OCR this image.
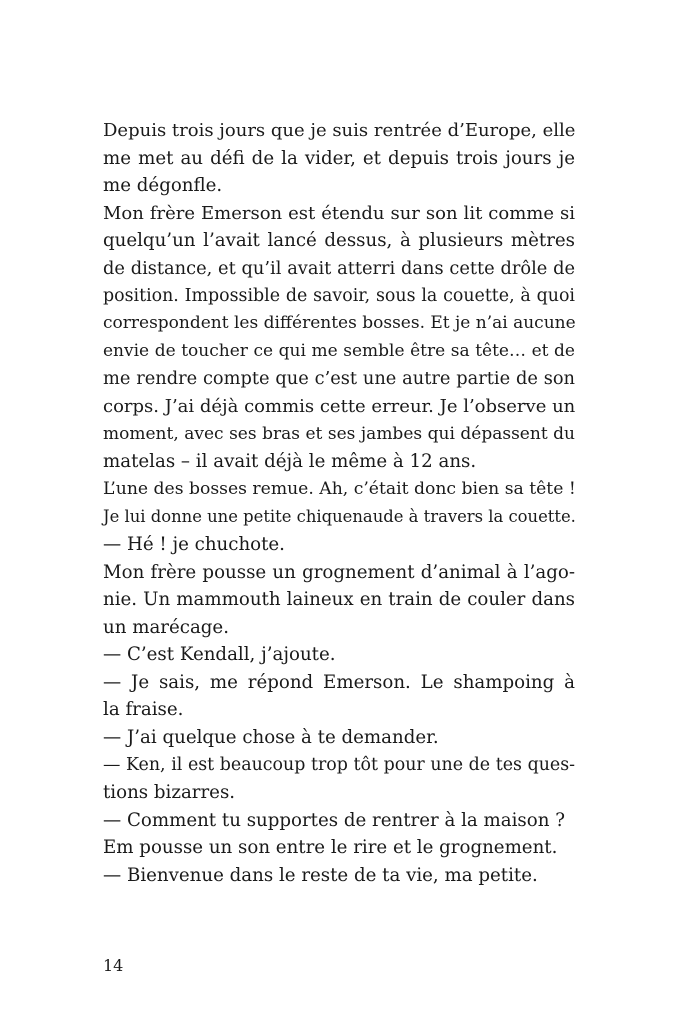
Depuis trois jours que je suis rentrée d’Europe, elle
me met au défi de la vider, et depuis trois jours je
me dégonfle.
Mon frère Emerson est étendu sur son lit comme si
quelqu’un l’avait lancé dessus, à plusieurs mètres
de distance, et qu’il avait atterri dans cette drôle de
position. Impossible de savoir, sous la couette, à quoi
correspondent les différentes bosses. Et je n’ai aucune
envie de toucher ce qui me semble être sa tête… et de
me rendre compte que c’est une autre partie de son
corps. J’ai déjà commis cette erreur. Je l’observe un
moment, avec ses bras et ses jambes qui dépassent du
matelas – il avait déjà le même à 12 ans.
L’une des bosses remue. Ah, c’était donc bien sa tête !
Je lui donne une petite chiquenaude à travers la couette.
— Hé ! je chuchote.
Mon frère pousse un grognement d’animal à l’ago-
nie. Un mammouth laineux en train de couler dans
un marécage.
— C’est Kendall, j’ajoute.
— Je sais, me répond Emerson. Le shampoing à
la fraise.
— J’ai quelque chose à te demander.
— Ken, il est beaucoup trop tôt pour une de tes ques-
tions bizarres.
— Comment tu supportes de rentrer à la maison ?
Em pousse un son entre le rire et le grognement.
— Bienvenue dans le reste de ta vie, ma petite.
14
